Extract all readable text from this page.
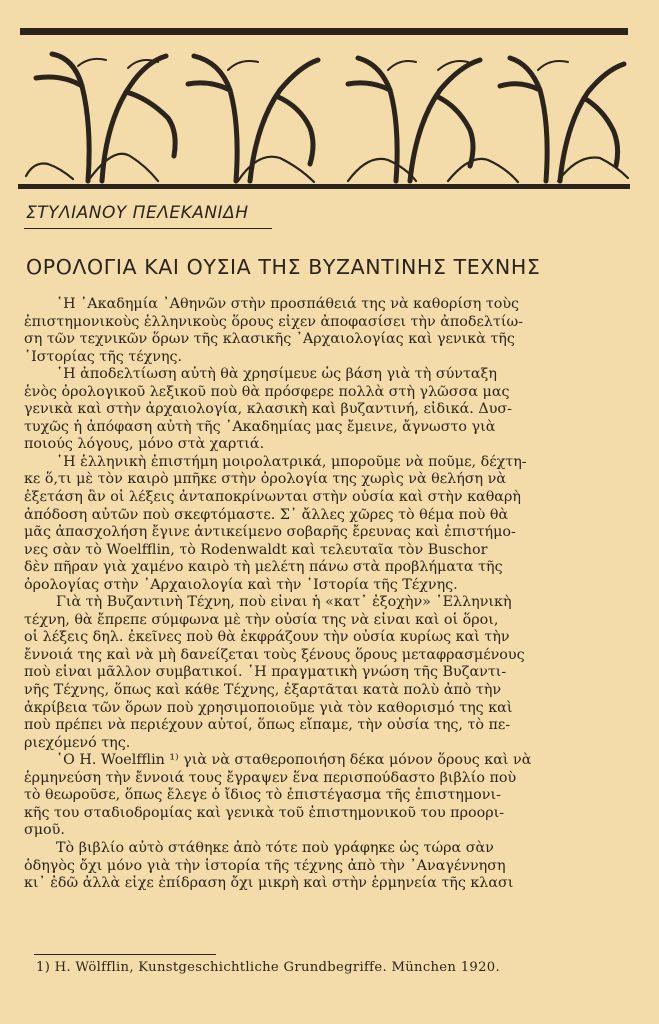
ΣΤΥΛΙΑΝΟΥ ΠΕΛΕΚΑΝΙΔΗ
ΟΡΟΛΟΓΙΑ ΚΑΙ ΟΥΣΙΑ ΤΗΣ ΒΥΖΑΝΤΙΝΗΣ ΤΕΧΝΗΣ
῾Η ᾿Ακαδημία ᾿Αθηνῶν στὴν προσπάθειά της νὰ καθορίση τοὺς
ἐπιστημονικοὺς ἑλληνικοὺς ὅρους εἶχεν ἀποφασίσει τὴν ἀποδελτίω-
ση τῶν τεχνικῶν ὅρων τῆς κλασικῆς ᾿Αρχαιολογίας καὶ γενικὰ τῆς
῾Ιστορίας τῆς τέχνης.
῾Η ἀποδελτίωση αὐτὴ θὰ χρησίμευε ὡς βάση γιὰ τὴ σύνταξη
ἑνὸς ὀρολογικοῦ λεξικοῦ ποὺ θὰ πρόσφερε πολλὰ στὴ γλῶσσα μας
γενικὰ καὶ στὴν ἀρχαιολογία, κλασικὴ καὶ βυζαντινή, εἰδικά. Δυσ-
τυχῶς ἡ ἀπόφαση αὐτὴ τῆς ᾿Ακαδημίας μας ἔμεινε, ἄγνωστο γιὰ
ποιούς λόγους, μόνο στὰ χαρτιά.
῾Η ἑλληνικὴ ἐπιστήμη μοιρολατρικά, μποροῦμε νὰ ποῦμε, δέχτη-
κε ὅ,τι μὲ τὸν καιρὸ μπῆκε στὴν ὀρολογία της χωρὶς νὰ θελήση νὰ
ἐξετάση ἂν οἱ λέξεις ἀνταποκρίνωνται στὴν οὐσία καὶ στὴν καθαρὴ
ἀπόδοση αὐτῶν ποὺ σκεφτόμαστε. Σ᾿ ἄλλες χῶρες τὸ θέμα ποὺ θὰ
μᾶς ἀπασχολήση ἔγινε ἀντικείμενο σοβαρῆς ἔρευνας καὶ ἐπιστήμο-
νες σὰν τὸ Woelfflin, τὸ Rodenwaldt καὶ τελευταῖα τὸν Buschor
δὲν πῆραν γιὰ χαμένο καιρὸ τὴ μελέτη πάνω στὰ προβλήματα τῆς
ὀρολογίας στὴν ᾿Αρχαιολογία καὶ τὴν ῾Ιστορία τῆς Τέχνης.
Γιὰ τὴ Βυζαντινὴ Τέχνη, ποὺ εἶναι ἡ «κατ᾿ ἐξοχὴν» ῾Ελληνικὴ
τέχνη, θὰ ἔπρεπε σύμφωνα μὲ τὴν οὐσία της νὰ εἶναι καὶ οἱ ὅροι,
οἱ λέξεις δηλ. ἐκεῖνες ποὺ θὰ ἐκφράζουν τὴν οὐσία κυρίως καὶ τὴν
ἔννοιά της καὶ νὰ μὴ δανείζεται τοὺς ξένους ὅρους μεταφρασμένους
ποὺ εἶναι μᾶλλον συμβατικοί. ῾Η πραγματικὴ γνώση τῆς Βυζαντι-
νῆς Τέχνης, ὅπως καὶ κάθε Τέχνης, ἐξαρτᾶται κατὰ πολὺ ἀπὸ τὴν
ἀκρίβεια τῶν ὅρων ποὺ χρησιμοποιοῦμε γιὰ τὸν καθορισμό της καὶ
ποὺ πρέπει νὰ περιέχουν αὐτοί, ὅπως εἴπαμε, τὴν οὐσία της, τὸ πε-
ριεχόμενό της.
῾Ο Η. Woelfflin ¹⁾ γιὰ νὰ σταθεροποιήση δέκα μόνον ὅρους καὶ νὰ
ἑρμηνεύση τὴν ἔννοιά τους ἔγραψεν ἕνα περισπούδαστο βιβλίο ποὺ
τὸ θεωροῦσε, ὅπως ἔλεγε ὁ ἴδιος τὸ ἐπιστέγασμα τῆς ἐπιστημονι-
κῆς του σταδιοδρομίας καὶ γενικὰ τοῦ ἐπιστημονικοῦ του προορι-
σμοῦ.
Τὸ βιβλίο αὐτὸ στάθηκε ἀπὸ τότε ποὺ γράφηκε ὡς τώρα σὰν
ὁδηγὸς ὄχι μόνο γιὰ τὴν ἱστορία τῆς τέχνης ἀπὸ τὴν ᾿Αναγέννηση
κι᾿ ἐδῶ ἀλλὰ εἶχε ἐπίδραση ὄχι μικρὴ καὶ στὴν ἑρμηνεία τῆς κλασι
1) H. Wölfflin, Kunstgeschichtliche Grundbegriffe. München 1920.
